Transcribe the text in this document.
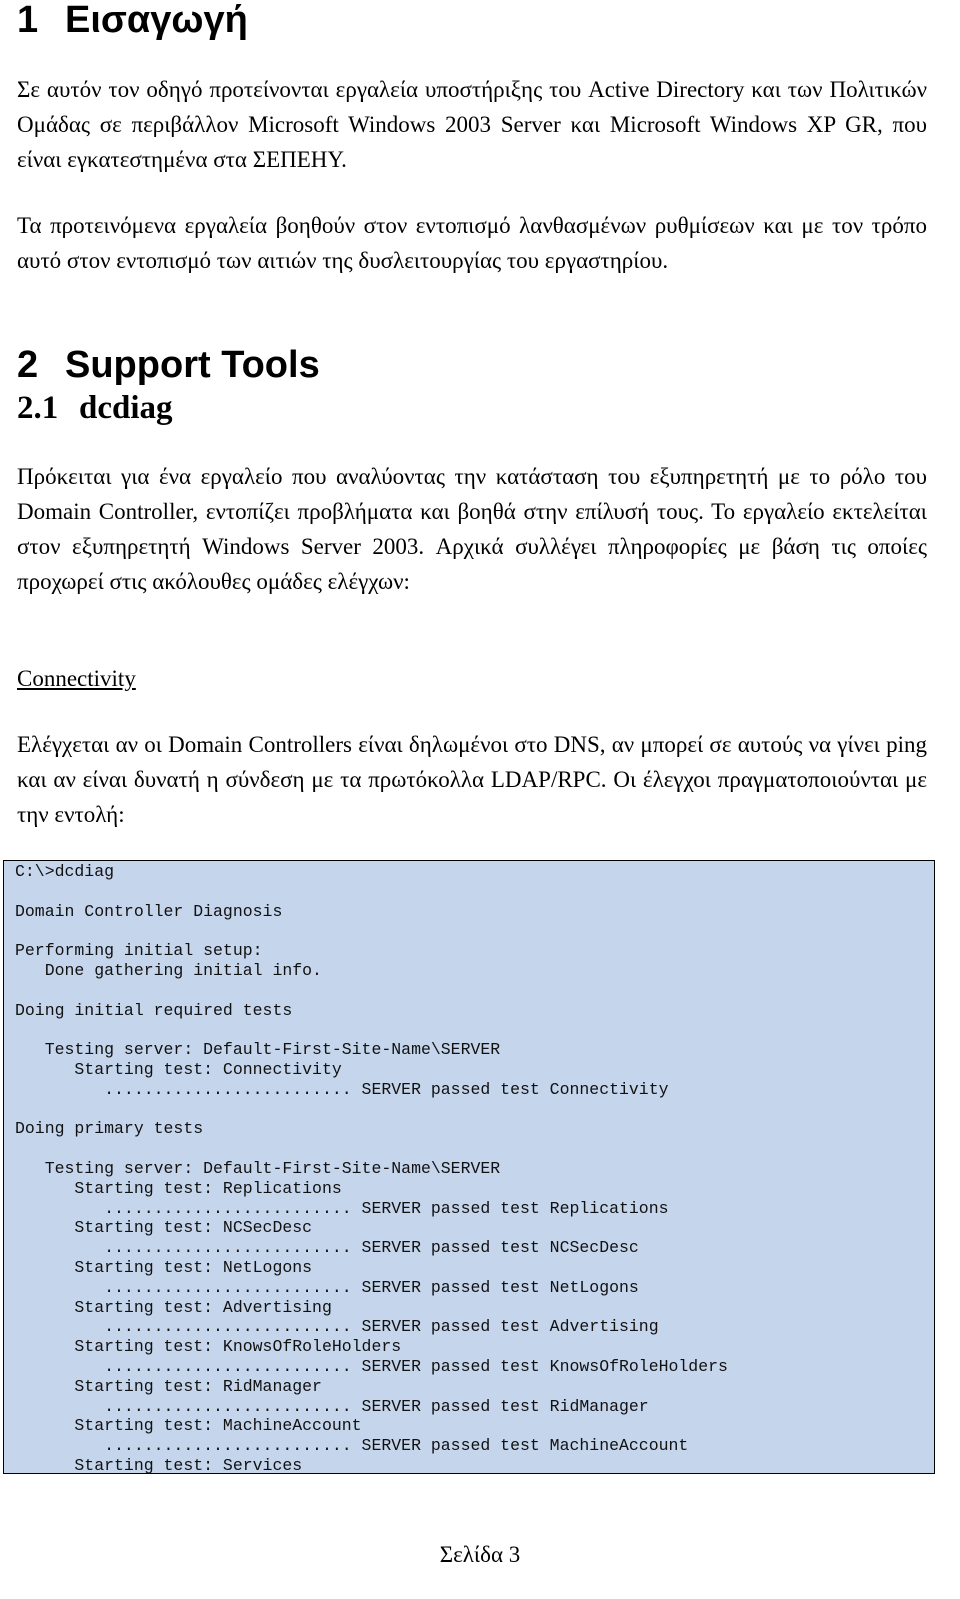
1 Εισαγωγή

Σε αυτόν τον οδηγό προτείνονται εργαλεία υποστήριξης του Active Directory και των Πολιτικών Ομάδας σε περιβάλλον Microsoft Windows 2003 Server και Microsoft Windows XP GR, που είναι εγκατεστημένα στα ΣΕΠΕΗΥ.

Τα προτεινόμενα εργαλεία βοηθούν στον εντοπισμό λανθασμένων ρυθμίσεων και με τον τρόπο αυτό στον εντοπισμό των αιτιών της δυσλειτουργίας του εργαστηρίου.

2 Support Tools
2.1 dcdiag

Πρόκειται για ένα εργαλείο που αναλύοντας την κατάσταση του εξυπηρετητή με το ρόλο του Domain Controller, εντοπίζει προβλήματα και βοηθά στην επίλυσή τους. Το εργαλείο εκτελείται στον εξυπηρετητή Windows Server 2003. Αρχικά συλλέγει πληροφορίες με βάση τις οποίες προχωρεί στις ακόλουθες ομάδες ελέγχων:

Connectivity

Ελέγχεται αν οι Domain Controllers είναι δηλωμένοι στο DNS, αν μπορεί σε αυτούς να γίνει ping και αν είναι δυνατή η σύνδεση με τα πρωτόκολλα LDAP/RPC. Οι έλεγχοι πραγματοποιούνται με την εντολή:

C:\>dcdiag

Domain Controller Diagnosis

Performing initial setup:
Done gathering initial info.

Doing initial required tests

Testing server: Default-First-Site-Name\SERVER
Starting test: Connectivity
......................... SERVER passed test Connectivity

Doing primary tests

Testing server: Default-First-Site-Name\SERVER
Starting test: Replications
......................... SERVER passed test Replications
Starting test: NCSecDesc
......................... SERVER passed test NCSecDesc
Starting test: NetLogons
......................... SERVER passed test NetLogons
Starting test: Advertising
......................... SERVER passed test Advertising
Starting test: KnowsOfRoleHolders
......................... SERVER passed test KnowsOfRoleHolders
Starting test: RidManager
......................... SERVER passed test RidManager
Starting test: MachineAccount
......................... SERVER passed test MachineAccount
Starting test: Services
Σελίδα 3
